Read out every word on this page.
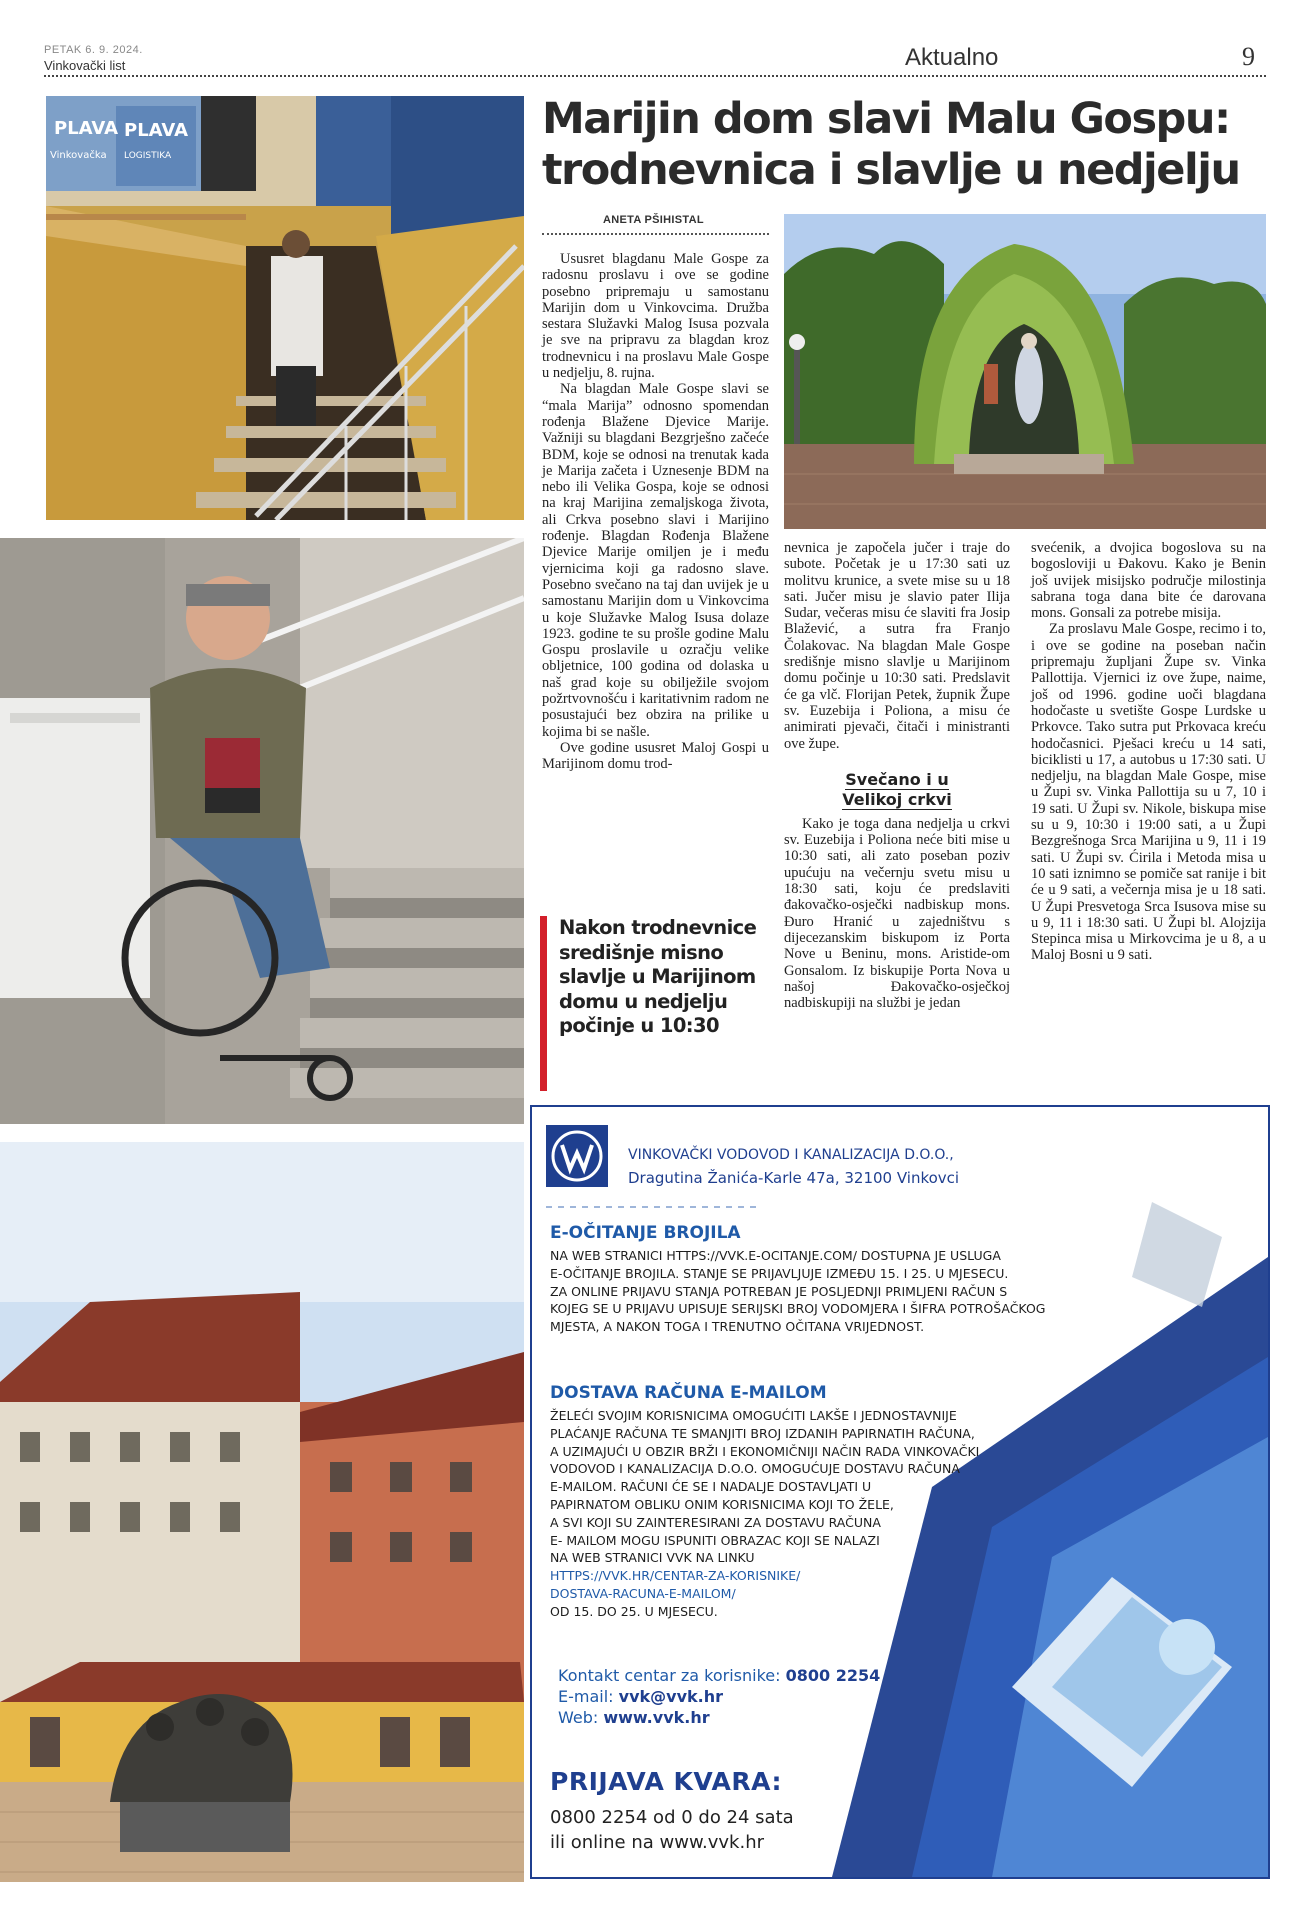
PETAK 6. 9. 2024.
Vinkovački list	Aktualno	9
PLAVA PLAVA
Vinkovačka LOGISTIKA
Marijin dom slavi Malu Gospu:
trodnevnica i slavlje u nedjelju
ANETA PŠIHISTAL

Ususret blagdanu Male Gospe za radosnu proslavu i ove se godine posebno pripremaju u samostanu Marijin dom u Vinkovcima. Družba sestara Služavki Malog Isusa pozvala je sve na pripravu za blagdan kroz trodnevnicu i na proslavu Male Gospe u nedjelju, 8. rujna.

Na blagdan Male Gospe slavi se “mala Marija” odnosno spomendan rođenja Blažene Djevice Marije. Važniji su blagdani Bezgrješno začeće BDM, koje se odnosi na trenutak kada je Marija začeta i Uznesenje BDM na nebo ili Velika Gospa, koje se odnosi na kraj Marijina zemaljskoga života, ali Crkva posebno slavi i Marijino rođenje. Blagdan Rođenja Blažene Djevice Marije omiljen je i među vjernicima koji ga radosno slave. Posebno svečano na taj dan uvijek je u samostanu Marijin dom u Vinkovcima u koje Služavke Malog Isusa dolaze 1923. godine te su prošle godine Malu Gospu proslavile u ozračju velike obljetnice, 100 godina od dolaska u naš grad koje su obilježile svojom požrtvovnošću i karitativnim radom ne posustajući bez obzira na prilike u kojima bi se našle.

Ove godine ususret Maloj Gospi u Marijinom domu trod-

Nakon trodnevnice središnje misno slavlje u Marijinom domu u nedjelju počinje u 10:30

nevnica je započela jučer i traje do subote. Početak je u 17:30 sati uz molitvu krunice, a svete mise su u 18 sati. Jučer misu je slavio pater Ilija Sudar, večeras misu će slaviti fra Josip Blažević, a sutra fra Franjo Čolakovac. Na blagdan Male Gospe središnje misno slavlje u Marijinom domu počinje u 10:30 sati. Predslavit će ga vlč. Florijan Petek, župnik Župe sv. Euzebija i Poliona, a misu će animirati pjevači, čitači i ministranti ove župe.

Svečano i u
Velikoj crkvi

Kako je toga dana nedjelja u crkvi sv. Euzebija i Poliona neće biti mise u 10:30 sati, ali zato poseban poziv upućuju na večernju svetu misu u 18:30 sati, koju će predslaviti đakovačko-osječki nadbiskup mons. Đuro Hranić u zajedništvu s dijecezanskim biskupom iz Porta Nove u Beninu, mons. Aristide-om Gonsalom. Iz biskupije Porta Nova u našoj Đakovačko-osječkoj nadbiskupiji na službi je jedan

svećenik, a dvojica bogoslova su na bogosloviji u Đakovu. Kako je Benin još uvijek misijsko područje milostinja sabrana toga dana bite će darovana mons. Gonsali za potrebe misija.

Za proslavu Male Gospe, recimo i to, i ove se godine na poseban način pripremaju župljani Župe sv. Vinka Pallottija. Vjernici iz ove župe, naime, još od 1996. godine uoči blagdana hodočaste u svetište Gospe Lurdske u Prkovce. Tako sutra put Prkovaca kreću hodočasnici. Pješaci kreću u 14 sati, biciklisti u 17, a autobus u 17:30 sati. U nedjelju, na blagdan Male Gospe, mise u Župi sv. Vinka Pallottija su u 7, 10 i 19 sati. U Župi sv. Nikole, biskupa mise su u 9, 10:30 i 19:00 sati, a u Župi Bezgrešnoga Srca Marijina u 9, 11 i 19 sati. U Župi sv. Ćirila i Metoda misa u 10 sati iznimno se pomiče sat ranije i bit će u 9 sati, a večernja misa je u 18 sati. U Župi Presvetoga Srca Isusova mise su u 9, 11 i 18:30 sati. U Župi bl. Alojzija Stepinca misa u Mirkovcima je u 8, a u Maloj Bosni u 9 sati.

VINKOVAČKI VODOVOD I KANALIZACIJA D.O.O.,
Dragutina Žanića-Karle 47a, 32100 Vinkovci
E-OČITANJE BROJILA
NA WEB STRANICI HTTPS://VVK.E-OCITANJE.COM/ DOSTUPNA JE USLUGA
E-OČITANJE BROJILA. STANJE SE PRIJAVLJUJE IZMEĐU 15. I 25. U MJESECU.
ZA ONLINE PRIJAVU STANJA POTREBAN JE POSLJEDNJI PRIMLJENI RAČUN S
KOJEG SE U PRIJAVU UPISUJE SERIJSKI BROJ VODOMJERA I ŠIFRA POTROŠAČKOG
MJESTA, A NAKON TOGA I TRENUTNO OČITANA VRIJEDNOST.
DOSTAVA RAČUNA E-MAILOM
ŽELEĆI SVOJIM KORISNICIMA OMOGUĆITI LAKŠE I JEDNOSTAVNIJE
PLAĆANJE RAČUNA TE SMANJITI BROJ IZDANIH PAPIRNATIH RAČUNA,
A UZIMAJUĆI U OBZIR BRŽI I EKONOMIČNIJI NAČIN RADA VINKOVAČKI
VODOVOD I KANALIZACIJA D.O.O. OMOGUĆUJE DOSTAVU RAČUNA
E-MAILOM. RAČUNI ĆE SE I NADALJE DOSTAVLJATI U
PAPIRNATOM OBLIKU ONIM KORISNICIMA KOJI TO ŽELE,
A SVI KOJI SU ZAINTERESIRANI ZA DOSTAVU RAČUNA
E- MAILOM MOGU ISPUNITI OBRAZAC KOJI SE NALAZI
NA WEB STRANICI VVK NA LINKU
HTTPS://VVK.HR/CENTAR-ZA-KORISNIKE/
DOSTAVA-RACUNA-E-MAILOM/
OD 15. DO 25. U MJESECU.
Kontakt centar za korisnike: 0800 2254
E-mail: vvk@vvk.hr
Web: www.vvk.hr
PRIJAVA KVARA:
0800 2254 od 0 do 24 sata
ili online na www.vvk.hr
